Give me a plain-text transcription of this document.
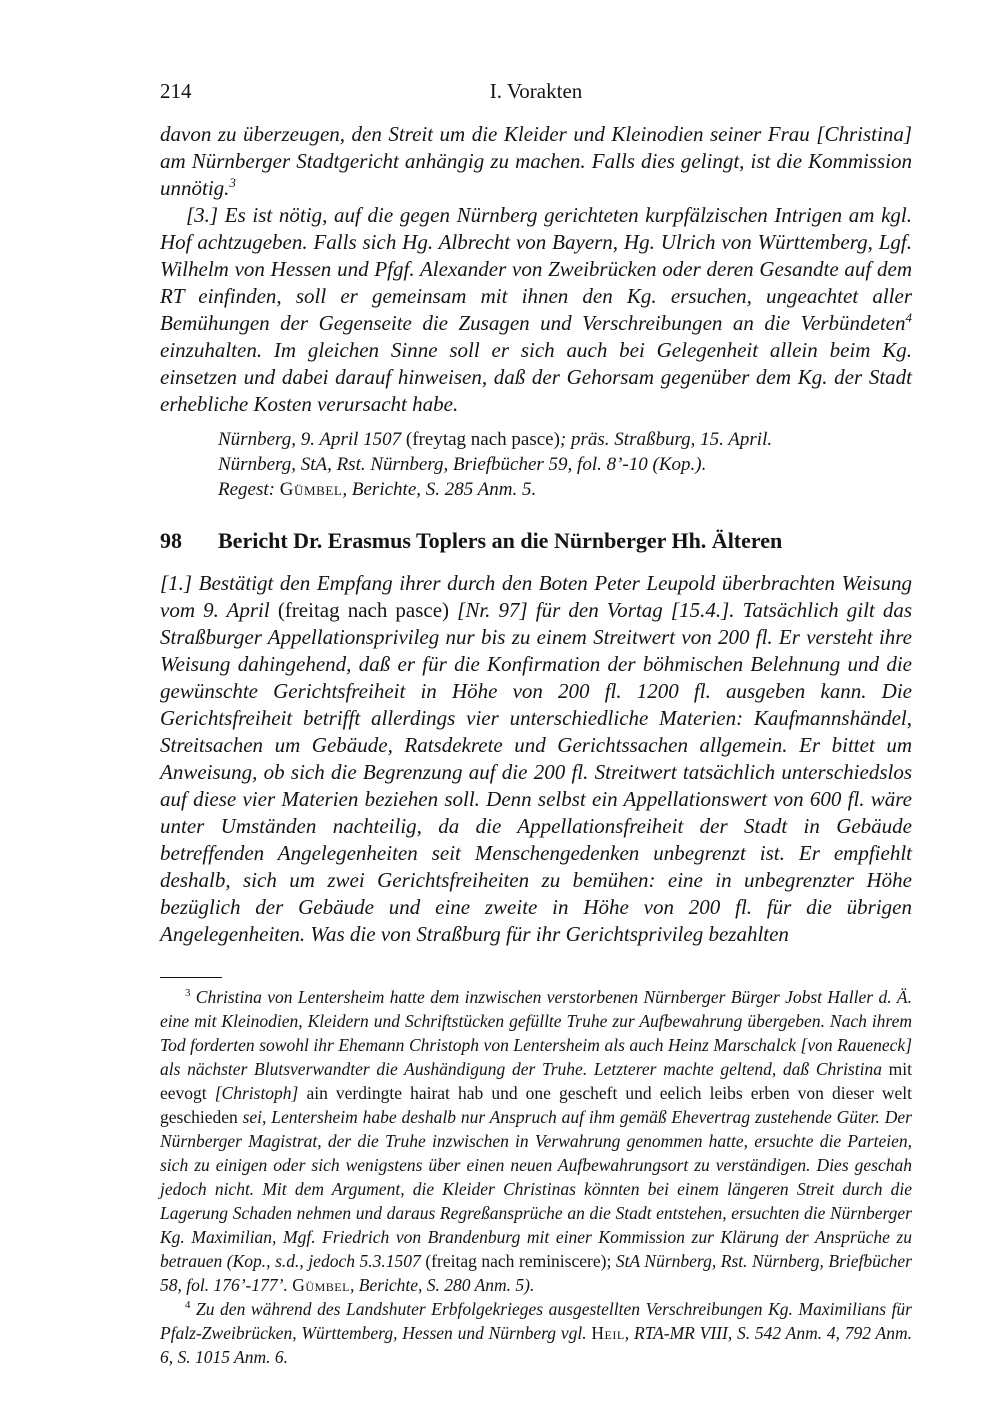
214	I. Vorakten

davon zu überzeugen, den Streit um die Kleider und Kleinodien seiner Frau [Christina] am Nürnberger Stadtgericht anhängig zu machen. Falls dies gelingt, ist die Kommission unnötig.$^3$

[3.] Es ist nötig, auf die gegen Nürnberg gerichteten kurpfälzischen Intrigen am kgl. Hof achtzugeben. Falls sich Hg. Albrecht von Bayern, Hg. Ulrich von Württemberg, Lgf. Wilhelm von Hessen und Pfgf. Alexander von Zweibrücken oder deren Gesandte auf dem RT einfinden, soll er gemeinsam mit ihnen den Kg. ersuchen, ungeachtet aller Bemühungen der Gegenseite die Zusagen und Verschreibungen an die Verbündeten$^4$ einzuhalten. Im gleichen Sinne soll er sich auch bei Gelegenheit allein beim Kg. einsetzen und dabei darauf hinweisen, daß der Gehorsam gegenüber dem Kg. der Stadt erhebliche Kosten verursacht habe.

Nürnberg, 9. April 1507 (freytag nach pasce); präs. Straßburg, 15. April.
Nürnberg, StA, Rst. Nürnberg, Briefbücher 59, fol. 8’-10 (Kop.).
Regest: Gümbel, Berichte, S. 285 Anm. 5.
98	Bericht Dr. Erasmus Toplers an die Nürnberger Hh. Älteren

[1.] Bestätigt den Empfang ihrer durch den Boten Peter Leupold überbrachten Weisung vom 9. April (freitag nach pasce) [Nr. 97] für den Vortag [15.4.]. Tatsächlich gilt das Straßburger Appellationsprivileg nur bis zu einem Streitwert von 200 fl. Er versteht ihre Weisung dahingehend, daß er für die Konfirmation der böhmischen Belehnung und die gewünschte Gerichtsfreiheit in Höhe von 200 fl. 1200 fl. ausgeben kann. Die Gerichtsfreiheit betrifft allerdings vier unterschiedliche Materien: Kaufmannshändel, Streitsachen um Gebäude, Ratsdekrete und Gerichtssachen allgemein. Er bittet um Anweisung, ob sich die Begrenzung auf die 200 fl. Streitwert tatsächlich unterschiedslos auf diese vier Materien beziehen soll. Denn selbst ein Appellationswert von 600 fl. wäre unter Umständen nachteilig, da die Appellationsfreiheit der Stadt in Gebäude betreffenden Angelegenheiten seit Menschengedenken unbegrenzt ist. Er empfiehlt deshalb, sich um zwei Gerichtsfreiheiten zu bemühen: eine in unbegrenzter Höhe bezüglich der Gebäude und eine zweite in Höhe von 200 fl. für die übrigen Angelegenheiten. Was die von Straßburg für ihr Gerichtsprivileg bezahlten

$^3$ Christina von Lentersheim hatte dem inzwischen verstorbenen Nürnberger Bürger Jobst Haller d. Ä. eine mit Kleinodien, Kleidern und Schriftstücken gefüllte Truhe zur Aufbewahrung übergeben. Nach ihrem Tod forderten sowohl ihr Ehemann Christoph von Lentersheim als auch Heinz Marschalck [von Raueneck] als nächster Blutsverwandter die Aushändigung der Truhe. Letzterer machte geltend, daß Christina mit eevogt [Christoph] ain verdingte hairat hab und one gescheft und eelich leibs erben von dieser welt geschieden sei, Lentersheim habe deshalb nur Anspruch auf ihm gemäß Ehevertrag zustehende Güter. Der Nürnberger Magistrat, der die Truhe inzwischen in Verwahrung genommen hatte, ersuchte die Parteien, sich zu einigen oder sich wenigstens über einen neuen Aufbewahrungsort zu verständigen. Dies geschah jedoch nicht. Mit dem Argument, die Kleider Christinas könnten bei einem längeren Streit durch die Lagerung Schaden nehmen und daraus Regreßansprüche an die Stadt entstehen, ersuchten die Nürnberger Kg. Maximilian, Mgf. Friedrich von Brandenburg mit einer Kommission zur Klärung der Ansprüche zu betrauen (Kop., s.d., jedoch 5.3.1507 (freitag nach reminiscere); StA Nürnberg, Rst. Nürnberg, Briefbücher 58, fol. 176’-177’. Gümbel, Berichte, S. 280 Anm. 5).

$^4$ Zu den während des Landshuter Erbfolgekrieges ausgestellten Verschreibungen Kg. Maximilians für Pfalz-Zweibrücken, Württemberg, Hessen und Nürnberg vgl. Heil, RTA-MR VIII, S. 542 Anm. 4, 792 Anm. 6, S. 1015 Anm. 6.
